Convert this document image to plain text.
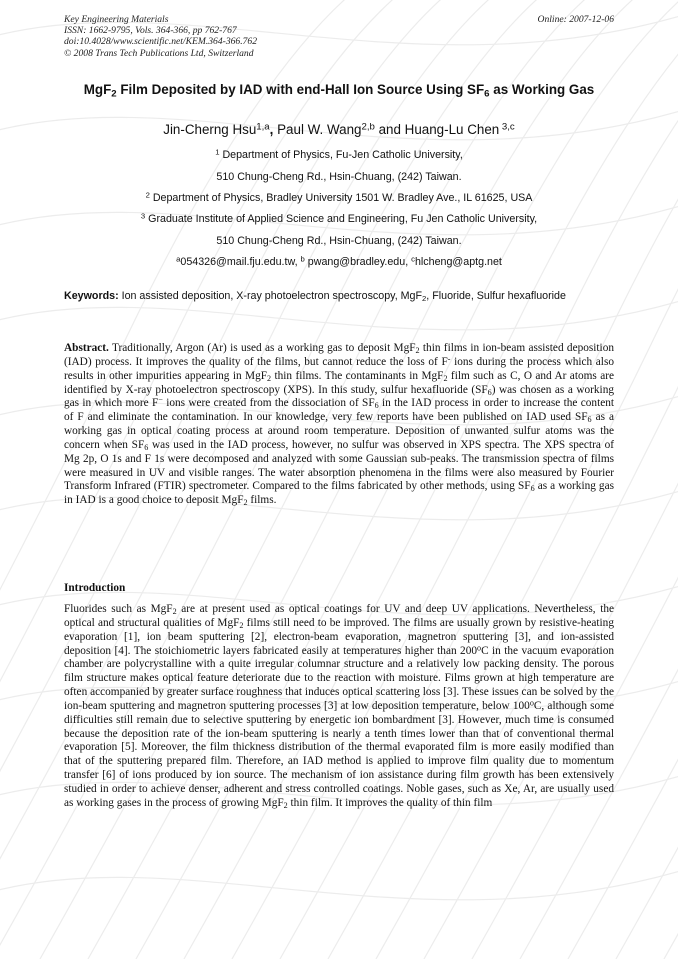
Key Engineering Materials
ISSN: 1662-9795, Vols. 364-366, pp 762-767
doi:10.4028/www.scientific.net/KEM.364-366.762
© 2008 Trans Tech Publications Ltd, Switzerland
Online: 2007-12-06
MgF$_2$ Film Deposited by IAD with end-Hall Ion Source Using $SF_6$ as Working Gas
Jin-Cherng Hsu$^{1,a}$, Paul W. Wang$^{2,b}$ and Huang-Lu Chen $^{3,c}$
$^1$ Department of Physics, Fu-Jen Catholic University,
510 Chung-Cheng Rd., Hsin-Chuang, (242) Taiwan.
$^2$ Department of Physics, Bradley University 1501 W. Bradley Ave., IL 61625, USA
$^3$ Graduate Institute of Applied Science and Engineering, Fu Jen Catholic University,
510 Chung-Cheng Rd., Hsin-Chuang, (242) Taiwan.
$^a$054326@mail.fju.edu.tw, $^b$ pwang@bradley.edu, $^c$hlcheng@aptg.net
Keywords: Ion assisted deposition, X-ray photoelectron spectroscopy, MgF$_2$, Fluoride, Sulfur hexafluoride
Abstract. Traditionally, Argon (Ar) is used as a working gas to deposit MgF$_2$ thin films in ion-beam assisted deposition (IAD) process. It improves the quality of the films, but cannot reduce the loss of F- ions during the process which also results in other impurities appearing in MgF$_2$ thin films. The contaminants in MgF$_2$ film such as C, O and Ar atoms are identified by X-ray photoelectron spectroscopy (XPS). In this study, sulfur hexafluoride $(SF_6)$ was chosen as a working gas in which more F− ions were created from the dissociation of $SF_6$ in the IAD process in order to increase the content of F and eliminate the contamination. In our knowledge, very few reports have been published on IAD used $SF_6$ as a working gas in optical coating process at around room temperature. Deposition of unwanted sulfur atoms was the concern when $SF_6$ was used in the IAD process, however, no sulfur was observed in XPS spectra. The XPS spectra of Mg 2p, O 1s and F 1s were decomposed and analyzed with some Gaussian sub-peaks. The transmission spectra of films were measured in UV and visible ranges. The water absorption phenomena in the films were also measured by Fourier Transform Infrared (FTIR) spectrometer. Compared to the films fabricated by other methods, using $SF_6$ as a working gas in IAD is a good choice to deposit MgF$_2$ films.
Introduction
Fluorides such as MgF$_2$ are at present used as optical coatings for UV and deep UV applications. Nevertheless, the optical and structural qualities of MgF$_2$ films still need to be improved. The films are usually grown by resistive-heating evaporation [1], ion beam sputtering [2], electron-beam evaporation, magnetron sputtering [3], and ion-assisted deposition [4]. The stoichiometric layers fabricated easily at temperatures higher than 200$^o$C in the vacuum evaporation chamber are polycrystalline with a quite irregular columnar structure and a relatively low packing density. The porous film structure makes optical feature deteriorate due to the reaction with moisture. Films grown at high temperature are often accompanied by greater surface roughness that induces optical scattering loss [3]. These issues can be solved by the ion-beam sputtering and magnetron sputtering processes [3] at low deposition temperature, below 100$^o$C, although some difficulties still remain due to selective sputtering by energetic ion bombardment [3]. However, much time is consumed because the deposition rate of the ion-beam sputtering is nearly a tenth times lower than that of conventional thermal evaporation [5]. Moreover, the film thickness distribution of the thermal evaporated film is more easily modified than that of the sputtering prepared film. Therefore, an IAD method is applied to improve film quality due to momentum transfer [6] of ions produced by ion source. The mechanism of ion assistance during film growth has been extensively studied in order to achieve denser, adherent and stress controlled coatings. Noble gases, such as Xe, Ar, are usually used as working gases in the process of growing MgF$_2$ thin film. It improves the quality of thin film
